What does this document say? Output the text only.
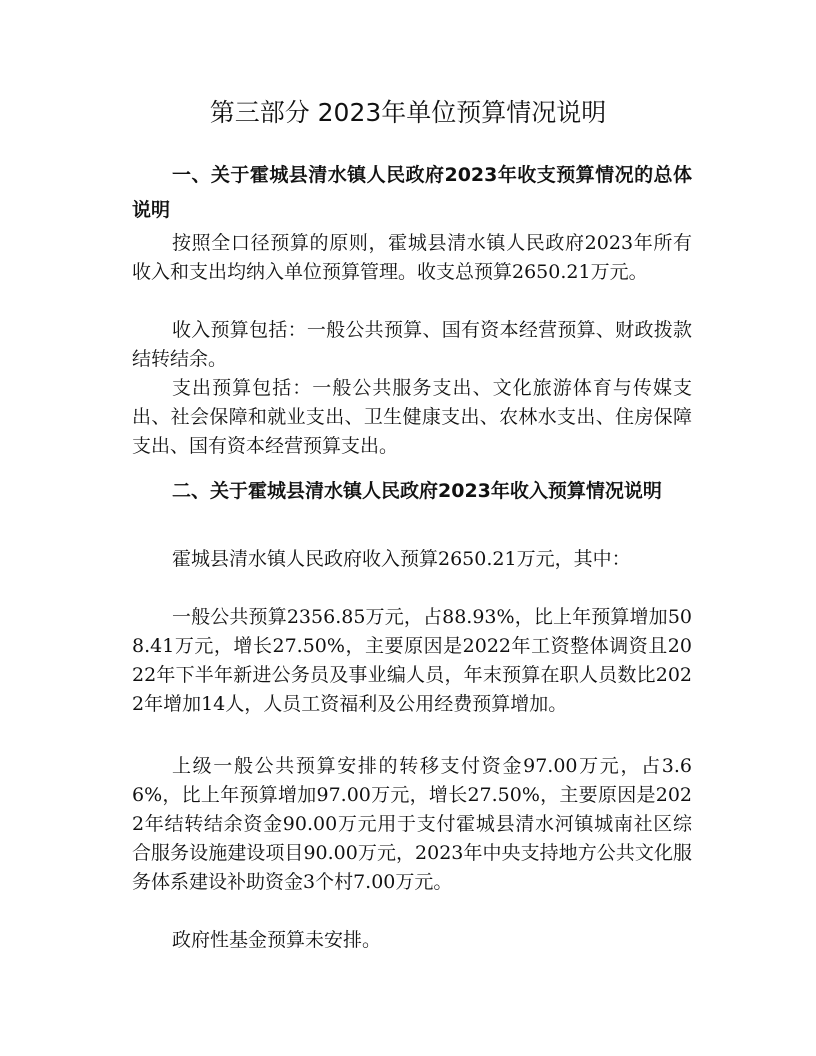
第三部分 2023年单位预算情况说明
一、关于霍城县清水镇人民政府2023年收支预算情况的总体说明

按照全口径预算的原则，霍城县清水镇人民政府2023年所有收入和支出均纳入单位预算管理。收支总预算2650.21万元。

收入预算包括：一般公共预算、国有资本经营预算、财政拨款结转结余。

支出预算包括：一般公共服务支出、文化旅游体育与传媒支出、社会保障和就业支出、卫生健康支出、农林水支出、住房保障支出、国有资本经营预算支出。

二、关于霍城县清水镇人民政府2023年收入预算情况说明

霍城县清水镇人民政府收入预算2650.21万元，其中：

一般公共预算2356.85万元，占88.93%，比上年预算增加508.41万元，增长27.50%，主要原因是2022年工资整体调资且2022年下半年新进公务员及事业编人员，年末预算在职人员数比2022年增加14人，人员工资福利及公用经费预算增加。

上级一般公共预算安排的转移支付资金97.00万元，占3.66%，比上年预算增加97.00万元，增长27.50%，主要原因是2022年结转结余资金90.00万元用于支付霍城县清水河镇城南社区综合服务设施建设项目90.00万元，2023年中央支持地方公共文化服务体系建设补助资金3个村7.00万元。

政府性基金预算未安排。
